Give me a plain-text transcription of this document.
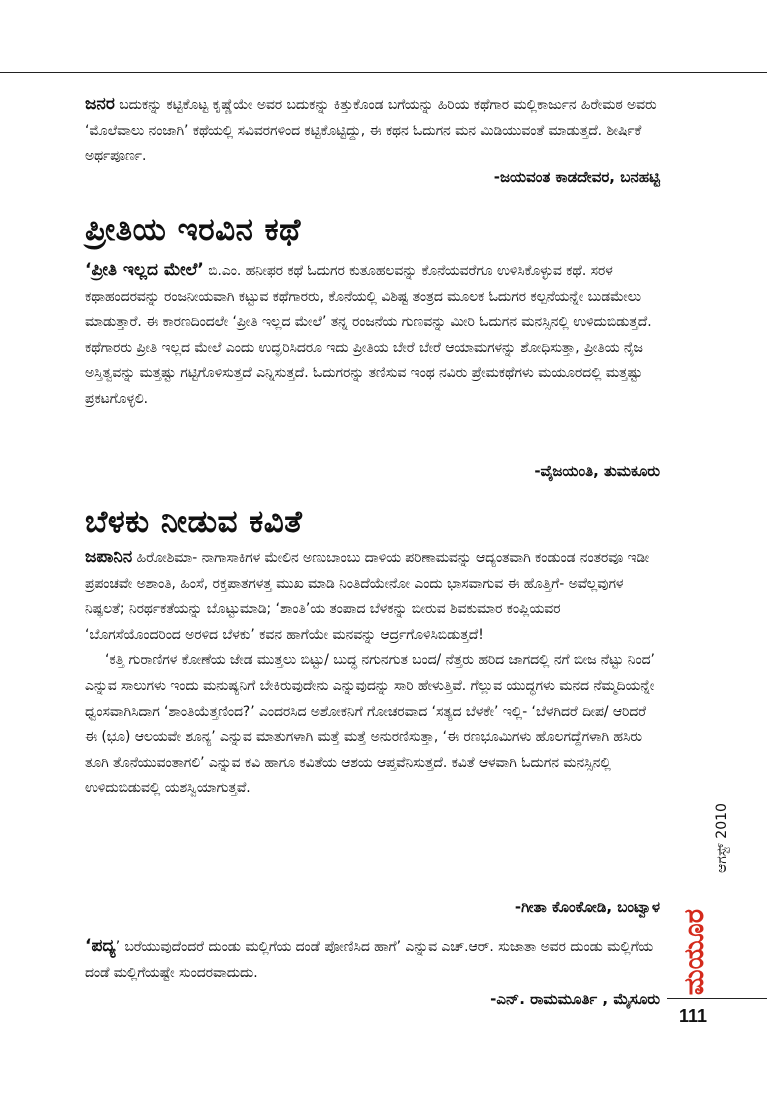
ಜನರ ಬದುಕನ್ನು ಕಟ್ಟಿಕೊಟ್ಟ ಕೃಷ್ಣೆಯೇ ಅವರ ಬದುಕನ್ನು ಕಿತ್ತುಕೊಂಡ ಬಗೆಯನ್ನು ಹಿರಿಯ ಕಥೆಗಾರ ಮಲ್ಲಿಕಾರ್ಜುನ ಹಿರೇಮಠ ಅವರು ‘ಮೊಲೆವಾಲು ನಂಜಾಗಿ’ ಕಥೆಯಲ್ಲಿ ಸವಿವರಗಳಿಂದ ಕಟ್ಟಿಕೊಟ್ಟಿದ್ದು, ಈ ಕಥನ ಓದುಗನ ಮನ ಮಿಡಿಯುವಂತೆ ಮಾಡುತ್ತದೆ. ಶೀರ್ಷಿಕೆ ಅರ್ಥಪೂರ್ಣ.

-ಜಯವಂತ ಕಾಡದೇವರ, ಬನಹಟ್ಟಿ
ಪ್ರೀತಿಯ ಇರವಿನ ಕಥೆ

‘ಪ್ರೀತಿ ಇಲ್ಲದ ಮೇಲೆ’ ಬಿ.ಎಂ. ಹನೀಫರ ಕಥೆ ಓದುಗರ ಕುತೂಹಲವನ್ನು ಕೊನೆಯವರೆಗೂ ಉಳಿಸಿಕೊಳ್ಳುವ ಕಥೆ. ಸರಳ ಕಥಾಹಂದರವನ್ನು ರಂಜನೀಯವಾಗಿ ಕಟ್ಟುವ ಕಥೆಗಾರರು, ಕೊನೆಯಲ್ಲಿ ವಿಶಿಷ್ಟ ತಂತ್ರದ ಮೂಲಕ ಓದುಗರ ಕಲ್ಪನೆಯನ್ನೇ ಬುಡಮೇಲು ಮಾಡುತ್ತಾರೆ. ಈ ಕಾರಣದಿಂದಲೇ ‘ಪ್ರೀತಿ ಇಲ್ಲದ ಮೇಲೆ’ ತನ್ನ ರಂಜನೆಯ ಗುಣವನ್ನು ಮೀರಿ ಓದುಗನ ಮನಸ್ಸಿನಲ್ಲಿ ಉಳಿದುಬಿಡುತ್ತದೆ. ಕಥೆಗಾರರು ಪ್ರೀತಿ ಇಲ್ಲದ ಮೇಲೆ ಎಂದು ಉದ್ಘರಿಸಿದರೂ ಇದು ಪ್ರೀತಿಯ ಬೇರೆ ಬೇರೆ ಆಯಾಮಗಳನ್ನು ಶೋಧಿಸುತ್ತಾ, ಪ್ರೀತಿಯ ನೈಜ ಅಸ್ತಿತ್ವವನ್ನು ಮತ್ತಷ್ಟು ಗಟ್ಟಿಗೊಳಿಸುತ್ತದೆ ಎನ್ನಿಸುತ್ತದೆ. ಓದುಗರನ್ನು ತಣಿಸುವ ಇಂಥ ನವಿರು ಪ್ರೇಮಕಥೆಗಳು ಮಯೂರದಲ್ಲಿ ಮತ್ತಷ್ಟು ಪ್ರಕಟಗೊಳ್ಳಲಿ.

-ವೈಜಯಂತಿ, ತುಮಕೂರು
ಬೆಳಕು ನೀಡುವ ಕವಿತೆ

ಜಪಾನಿನ ಹಿರೋಶಿಮಾ- ನಾಗಾಸಾಕಿಗಳ ಮೇಲಿನ ಅಣುಬಾಂಬು ದಾಳಿಯ ಪರಿಣಾಮವನ್ನು ಆದ್ಯಂತವಾಗಿ ಕಂಡುಂಡ ನಂತರವೂ ಇಡೀ ಪ್ರಪಂಚವೇ ಅಶಾಂತಿ, ಹಿಂಸೆ, ರಕ್ತಪಾತಗಳತ್ತ ಮುಖ ಮಾಡಿ ನಿಂತಿದೆಯೇನೋ ಎಂದು ಭಾಸವಾಗುವ ಈ ಹೊತ್ತಿಗೆ- ಅವೆಲ್ಲವುಗಳ ನಿಷ್ಫಲತೆ; ನಿರರ್ಥಕತೆಯನ್ನು ಬೊಟ್ಟುಮಾಡಿ; ‘ಶಾಂತಿ’ಯ ತಂಪಾದ ಬೆಳಕನ್ನು ಬೀರುವ ಶಿವಕುಮಾರ ಕಂಪ್ಲಿಯವರ ‘ಬೊಗಸೆಯೊಂದರಿಂದ ಅರಳಿದ ಬೆಳಕು’ ಕವನ ಹಾಗೆಯೇ ಮನವನ್ನು ಆರ್ದ್ರಗೊಳಿಸಿಬಿಡುತ್ತದೆ!

‘ಕತ್ತಿ ಗುರಾಣಿಗಳ ಕೋಣೆಯ ಜೇಡ ಮುತ್ತಲು ಬಿಟ್ಟು/ ಬುದ್ಧ ನಗುನಗುತ ಬಂದ/ ನೆತ್ತರು ಹರಿದ ಜಾಗದಲ್ಲಿ ನಗೆ ಬೀಜ ನೆಟ್ಟು ನಿಂದ’ ಎನ್ನುವ ಸಾಲುಗಳು ಇಂದು ಮನುಷ್ಯನಿಗೆ ಬೇಕಿರುವುದೇನು ಎನ್ನುವುದನ್ನು ಸಾರಿ ಹೇಳುತ್ತಿವೆ. ಗೆಲ್ಲುವ ಯುದ್ಧಗಳು ಮನದ ನೆಮ್ಮದಿಯನ್ನೇ ಧ್ವಂಸವಾಗಿಸಿದಾಗ ‘ಶಾಂತಿಯೆತ್ತಣಿಂದ?’ ಎಂದರಸಿದ ಅಶೋಕನಿಗೆ ಗೋಚರವಾದ ‘ಸತ್ಯದ ಬೆಳಕೇ’ ಇಲ್ಲಿ- ‘ಬೆಳಗಿದರೆ ದೀಪ/ ಆರಿದರೆ ಈ (ಭೂ) ಆಲಯವೇ ಶೂನ್ಯ’ ಎನ್ನುವ ಮಾತುಗಳಾಗಿ ಮತ್ತೆ ಮತ್ತೆ ಅನುರಣಿಸುತ್ತಾ, ‘ಈ ರಣಭೂಮಿಗಳು ಹೊಲಗದ್ದೆಗಳಾಗಿ ಹಸಿರು ತೂಗಿ ತೊನೆಯುವಂತಾಗಲಿ’ ಎನ್ನುವ ಕವಿ ಹಾಗೂ ಕವಿತೆಯ ಆಶಯ ಆಪ್ತವೆನಿಸುತ್ತದೆ. ಕವಿತೆ ಆಳವಾಗಿ ಓದುಗನ ಮನಸ್ಸಿನಲ್ಲಿ ಉಳಿದುಬಿಡುವಲ್ಲಿ ಯಶಸ್ವಿಯಾಗುತ್ತವೆ.

-ಗೀತಾ ಕೊಂಕೋಡಿ, ಬಂಟ್ವಾಳ

‘ಪದ್ಯ’ ಬರೆಯುವುದೆಂದರೆ ದುಂಡು ಮಲ್ಲಿಗೆಯ ದಂಡೆ ಪೋಣಿಸಿದ ಹಾಗೆ’ ಎನ್ನುವ ಎಚ್.ಆರ್. ಸುಜಾತಾ ಅವರ ದುಂಡು ಮಲ್ಲಿಗೆಯ ದಂಡೆ ಮಲ್ಲಿಗೆಯಷ್ಟೇ ಸುಂದರವಾದುದು.

-ಎನ್. ರಾಮಮೂರ್ತಿ , ಮೈಸೂರು
ಆಗಸ್ಟ್ 2010
ಮಯೂರ
111
